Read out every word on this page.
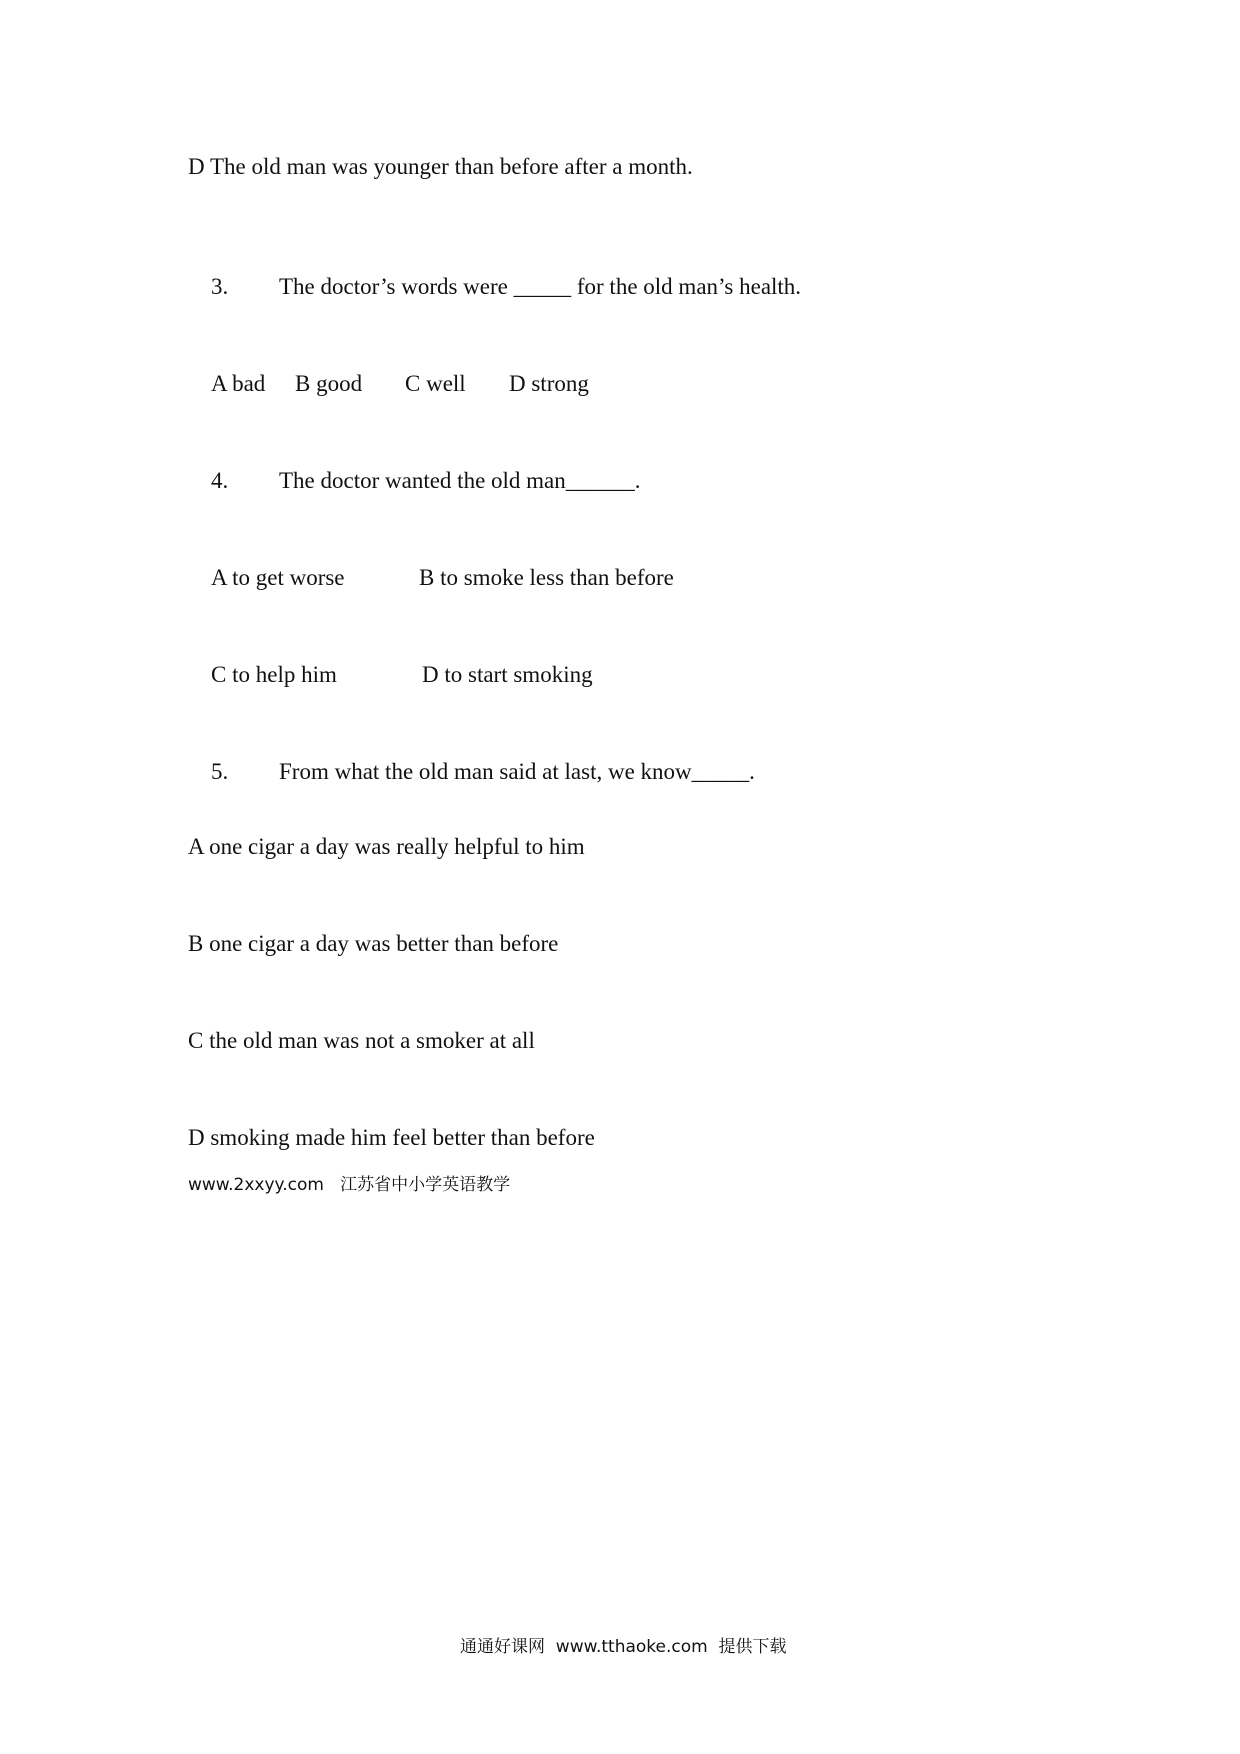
D The old man was younger than before after a month.

3. The doctor’s words were _____ for the old man’s health.

A bad B good C well D strong

4. The doctor wanted the old man______.

A to get worse	B to smoke less than before

C to help him	D to start smoking

5. From what the old man said at last, we know_____.

A one cigar a day was really helpful to him
B one cigar a day was better than before
C the old man was not a smoker at all
D smoking made him feel better than before
www.2xxyy.com   江苏省中小学英语教学
通通好课网  www.tthaoke.com  提供下载
